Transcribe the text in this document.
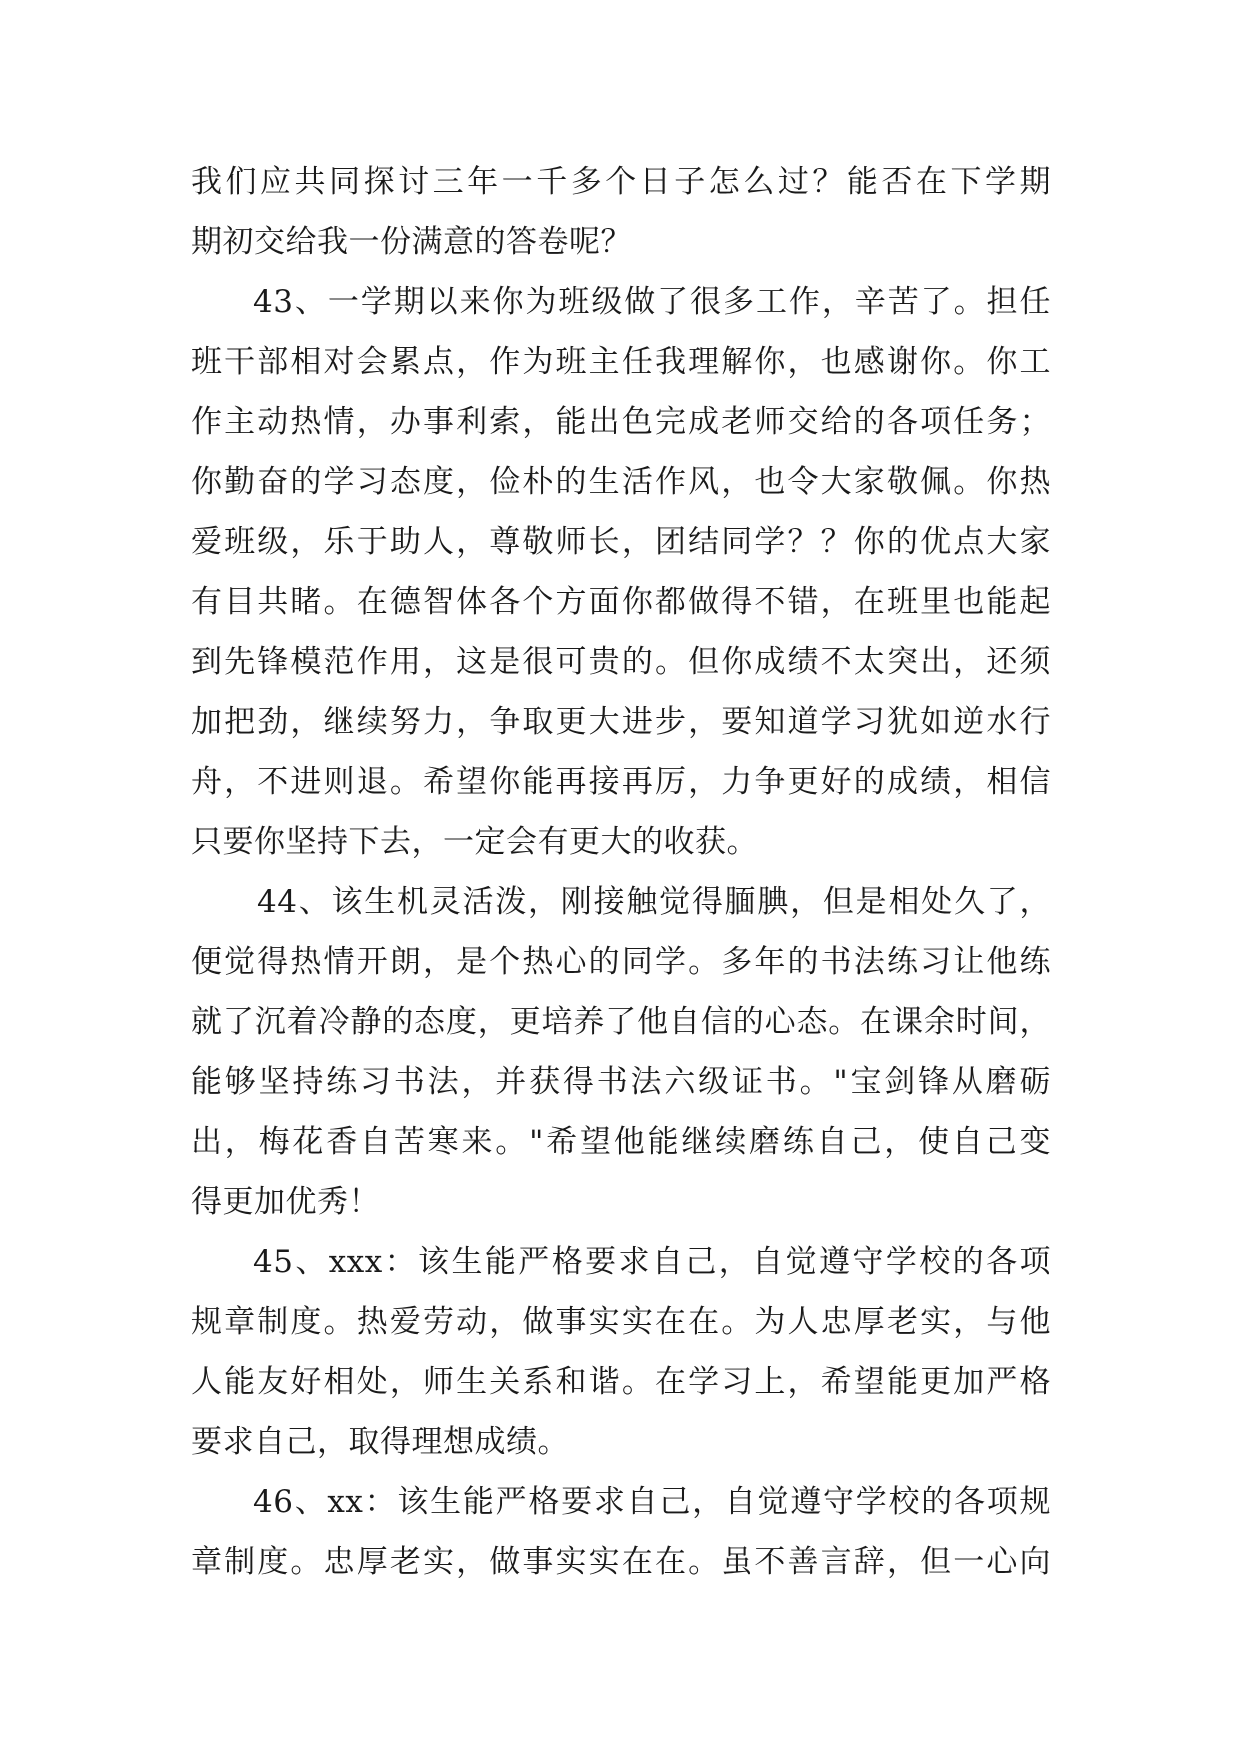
我们应共同探讨三年一千多个日子怎么过？能否在下学期
期初交给我一份满意的答卷呢？
43、一学期以来你为班级做了很多工作，辛苦了。担任
班干部相对会累点，作为班主任我理解你，也感谢你。你工
作主动热情，办事利索，能出色完成老师交给的各项任务；
你勤奋的学习态度，俭朴的生活作风，也令大家敬佩。你热
爱班级，乐于助人，尊敬师长，团结同学？？你的优点大家
有目共睹。在德智体各个方面你都做得不错，在班里也能起
到先锋模范作用，这是很可贵的。但你成绩不太突出，还须
加把劲，继续努力，争取更大进步，要知道学习犹如逆水行
舟，不进则退。希望你能再接再厉，力争更好的成绩，相信
只要你坚持下去，一定会有更大的收获。
44、该生机灵活泼，刚接触觉得腼腆，但是相处久了，
便觉得热情开朗，是个热心的同学。多年的书法练习让他练
就了沉着冷静的态度，更培养了他自信的心态。在课余时间，
能够坚持练习书法，并获得书法六级证书。"宝剑锋从磨砺
出，梅花香自苦寒来。"希望他能继续磨练自己，使自己变
得更加优秀！
45、xxx：该生能严格要求自己，自觉遵守学校的各项
规章制度。热爱劳动，做事实实在在。为人忠厚老实，与他
人能友好相处，师生关系和谐。在学习上，希望能更加严格
要求自己，取得理想成绩。
46、xx：该生能严格要求自己，自觉遵守学校的各项规
章制度。忠厚老实，做事实实在在。虽不善言辞，但一心向
